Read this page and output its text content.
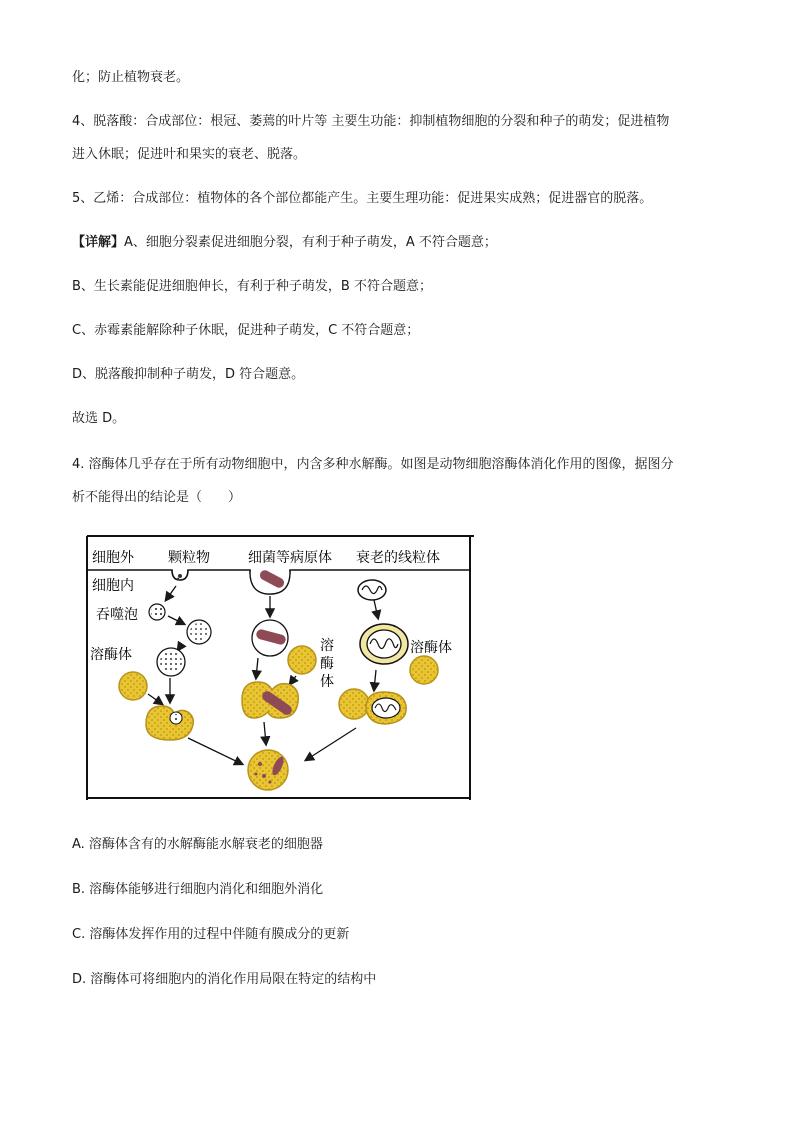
化；防止植物衰老。

4、脱落酸：合成部位：根冠、萎蔫的叶片等 主要生功能：抑制植物细胞的分裂和种子的萌发；促进植物

进入休眠；促进叶和果实的衰老、脱落。

5、乙烯：合成部位：植物体的各个部位都能产生。主要生理功能：促进果实成熟；促进器官的脱落。

【详解】A、细胞分裂素促进细胞分裂，有利于种子萌发，A 不符合题意；

B、生长素能促进细胞伸长，有利于种子萌发，B 不符合题意；

C、赤霉素能解除种子休眠，促进种子萌发，C 不符合题意；

D、脱落酸抑制种子萌发，D 符合题意。

故选 D。

4. 溶酶体几乎存在于所有动物细胞中，内含多种水解酶。如图是动物细胞溶酶体消化作用的图像，据图分

析不能得出的结论是（　　）

细胞外 颗粒物	细菌等病原体 衰老的线粒体
细胞内
吞噬泡
溶酶体
溶
酶
体
溶酶体

A. 溶酶体含有的水解酶能水解衰老的细胞器

B. 溶酶体能够进行细胞内消化和细胞外消化

C. 溶酶体发挥作用的过程中伴随有膜成分的更新

D. 溶酶体可将细胞内的消化作用局限在特定的结构中
